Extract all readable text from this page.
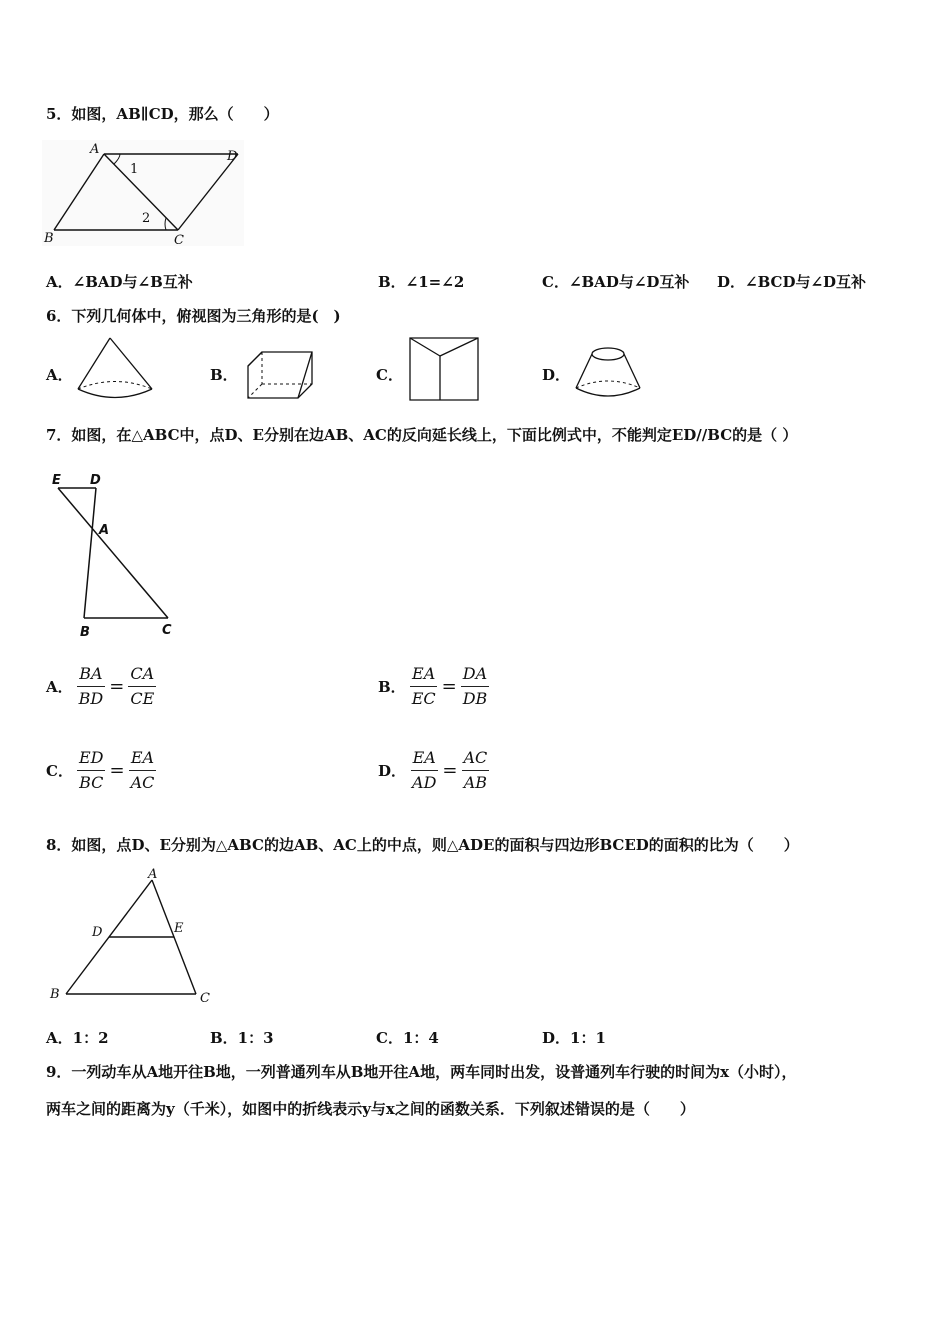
5．如图，AB∥CD，那么（　　）
A	D
B	C
1
2
A．∠BAD与∠B互补	B．∠1=∠2	C．∠BAD与∠D互补 D．∠BCD与∠D互补
6．下列几何体中，俯视图为三角形的是(　)
A．	B．	C．	D．
7．如图，在△ABC中，点D、E分别在边AB、AC的反向延长线上，下面比例式中，不能判定ED//BC的是（ ）
E D
A
B	C
A． $\frac{BA}{BD} = \frac{CA}{CE}$	B． $\frac{EA}{EC} = \frac{DA}{DB}$
C． $\frac{ED}{BC} = \frac{EA}{AC}$	D． $\frac{EA}{AD} = \frac{AC}{AB}$
8．如图，点D、E分别为△ABC的边AB、AC上的中点，则△ADE的面积与四边形BCED的面积的比为（　　）
A
D	E
B	C
A．1：2	B．1：3	C．1：4	D．1：1
9．一列动车从A地开往B地，一列普通列车从B地开往A地，两车同时出发，设普通列车行驶的时间为x（小时），
两车之间的距离为y（千米），如图中的折线表示y与x之间的函数关系．下列叙述错误的是（　　）
